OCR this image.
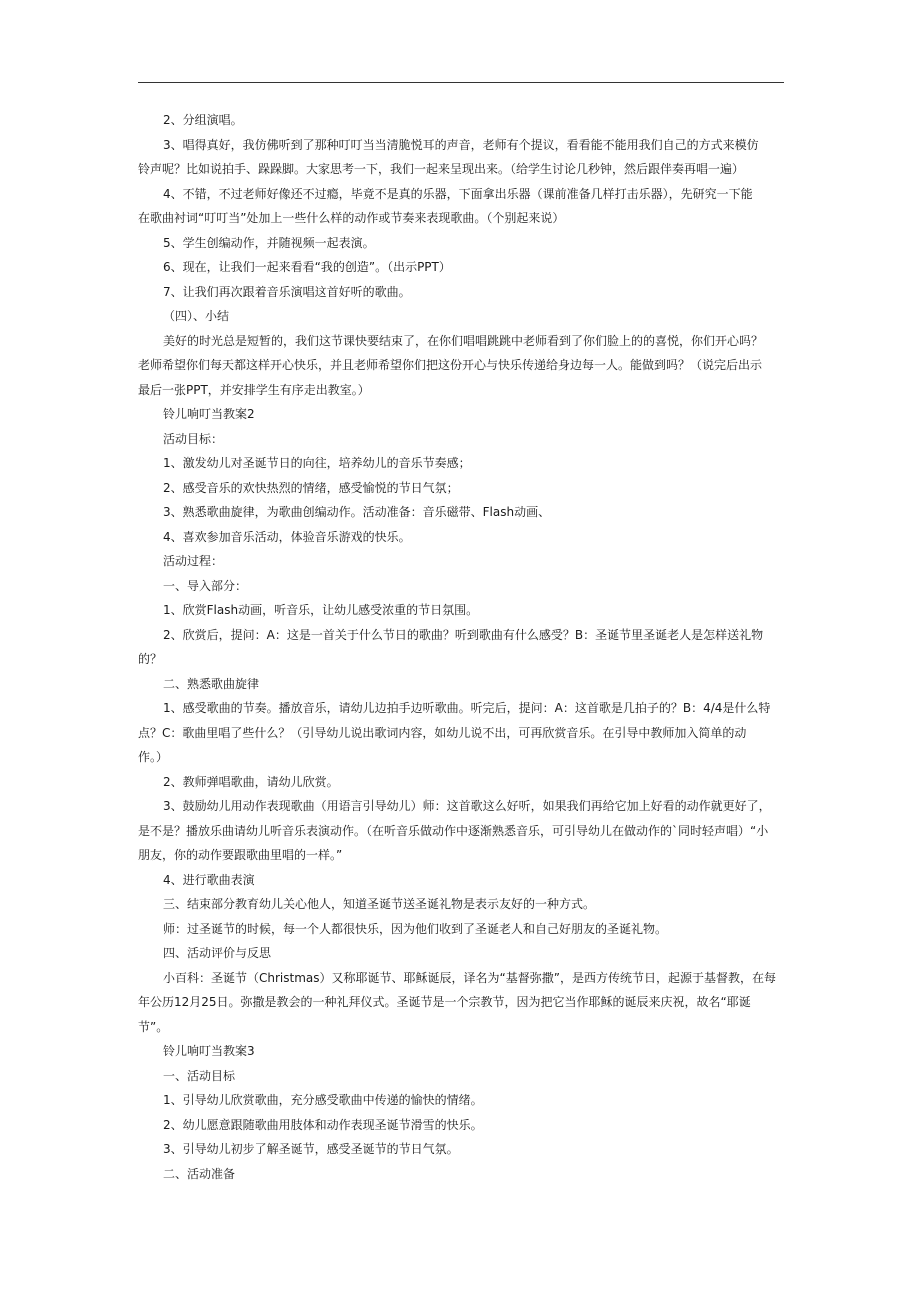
2、分组演唱。
3、唱得真好，我仿佛听到了那种叮叮当当清脆悦耳的声音，老师有个提议，看看能不能用我们自己的方式来模仿
铃声呢？比如说拍手、跺跺脚。大家思考一下，我们一起来呈现出来。（给学生讨论几秒钟，然后跟伴奏再唱一遍）
4、不错，不过老师好像还不过瘾，毕竟不是真的乐器，下面拿出乐器（课前准备几样打击乐器），先研究一下能
在歌曲衬词“叮叮当”处加上一些什么样的动作或节奏来表现歌曲。（个别起来说）
5、学生创编动作，并随视频一起表演。
6、现在，让我们一起来看看“我的创造”。（出示PPT）
7、让我们再次跟着音乐演唱这首好听的歌曲。
（四）、小结
美好的时光总是短暂的，我们这节课快要结束了，在你们唱唱跳跳中老师看到了你们脸上的的喜悦，你们开心吗？
老师希望你们每天都这样开心快乐，并且老师希望你们把这份开心与快乐传递给身边每一人。能做到吗？（说完后出示
最后一张PPT，并安排学生有序走出教室。）
铃儿响叮当教案2
活动目标：
1、激发幼儿对圣诞节日的向往，培养幼儿的音乐节奏感；
2、感受音乐的欢快热烈的情绪，感受愉悦的节日气氛；
3、熟悉歌曲旋律，为歌曲创编动作。活动准备：音乐磁带、Flash动画、
4、喜欢参加音乐活动，体验音乐游戏的快乐。
活动过程：
一、导入部分：
1、欣赏Flash动画，听音乐，让幼儿感受浓重的节日氛围。
2、欣赏后，提问：A：这是一首关于什么节日的歌曲？听到歌曲有什么感受？B：圣诞节里圣诞老人是怎样送礼物
的？
二、熟悉歌曲旋律
1、感受歌曲的节奏。播放音乐，请幼儿边拍手边听歌曲。听完后，提问：A：这首歌是几拍子的？B：4/4是什么特
点？C：歌曲里唱了些什么？（引导幼儿说出歌词内容，如幼儿说不出，可再欣赏音乐。在引导中教师加入简单的动
作。）
2、教师弹唱歌曲，请幼儿欣赏。
3、鼓励幼儿用动作表现歌曲（用语言引导幼儿）师：这首歌这么好听，如果我们再给它加上好看的动作就更好了，
是不是？播放乐曲请幼儿听音乐表演动作。（在听音乐做动作中逐渐熟悉音乐，可引导幼儿在做动作的`同时轻声唱）“小
朋友，你的动作要跟歌曲里唱的一样。”
4、进行歌曲表演
三、结束部分教育幼儿关心他人，知道圣诞节送圣诞礼物是表示友好的一种方式。
师：过圣诞节的时候，每一个人都很快乐，因为他们收到了圣诞老人和自己好朋友的圣诞礼物。
四、活动评价与反思
小百科：圣诞节（Christmas）又称耶诞节、耶稣诞辰，译名为“基督弥撒”，是西方传统节日，起源于基督教，在每
年公历12月25日。弥撒是教会的一种礼拜仪式。圣诞节是一个宗教节，因为把它当作耶稣的诞辰来庆祝，故名“耶诞
节”。
铃儿响叮当教案3
一、活动目标
1、引导幼儿欣赏歌曲，充分感受歌曲中传递的愉快的情绪。
2、幼儿愿意跟随歌曲用肢体和动作表现圣诞节滑雪的快乐。
3、引导幼儿初步了解圣诞节，感受圣诞节的节日气氛。
二、活动准备
